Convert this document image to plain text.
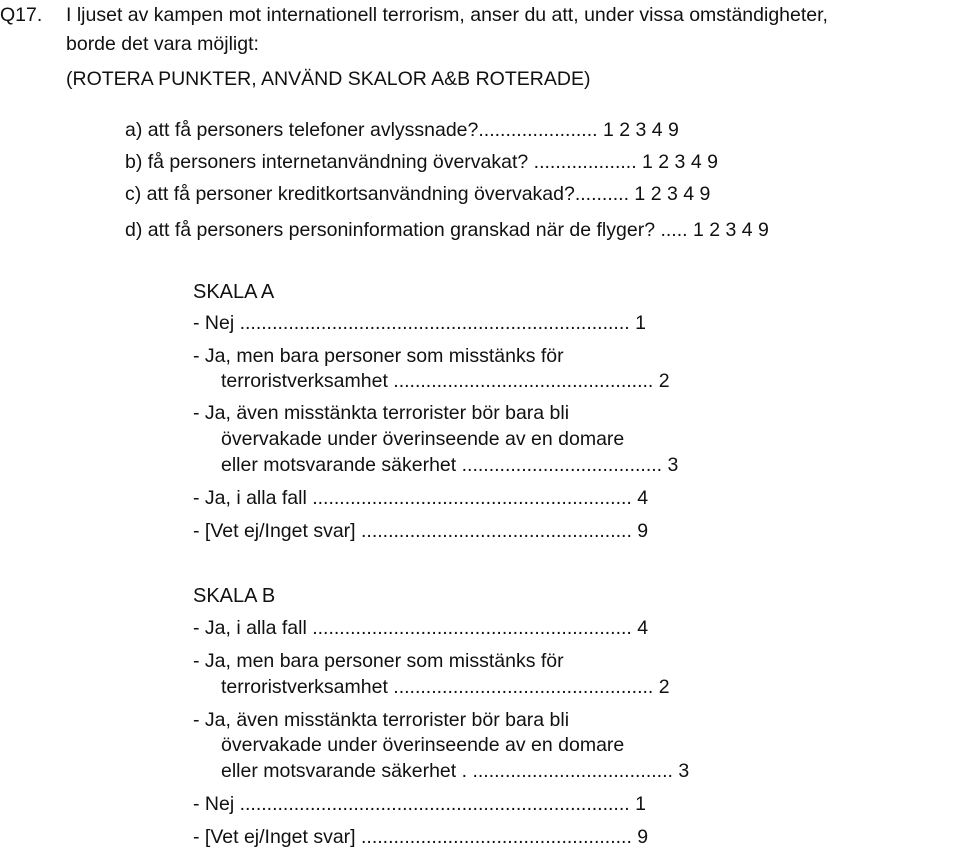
Q17. I ljuset av kampen mot internationell terrorism, anser du att, under vissa omständigheter,
borde det vara möjligt:
(ROTERA PUNKTER, ANVÄND SKALOR A&B ROTERADE)
a) att få personers telefoner avlyssnade?...................... 1 2 3 4 9
b) få personers internetanvändning övervakat? ................... 1 2 3 4 9
c) att få personer kreditkortsanvändning övervakad?.......... 1 2 3 4 9
d) att få personers personinformation granskad när de flyger? ..... 1 2 3 4 9
SKALA A
- Nej ........................................................................ 1
- Ja, men bara personer som misstänks för
terroristverksamhet ................................................ 2
- Ja, även misstänkta terrorister bör bara bli
övervakade under överinseende av en domare
eller motsvarande säkerhet ..................................... 3
- Ja, i alla fall ........................................................... 4
- [Vet ej/Inget svar] .................................................. 9
SKALA B
- Ja, i alla fall ........................................................... 4
- Ja, men bara personer som misstänks för
terroristverksamhet ................................................ 2
- Ja, även misstänkta terrorister bör bara bli
övervakade under överinseende av en domare
eller motsvarande säkerhet . ..................................... 3
- Nej ........................................................................ 1
- [Vet ej/Inget svar] .................................................. 9
